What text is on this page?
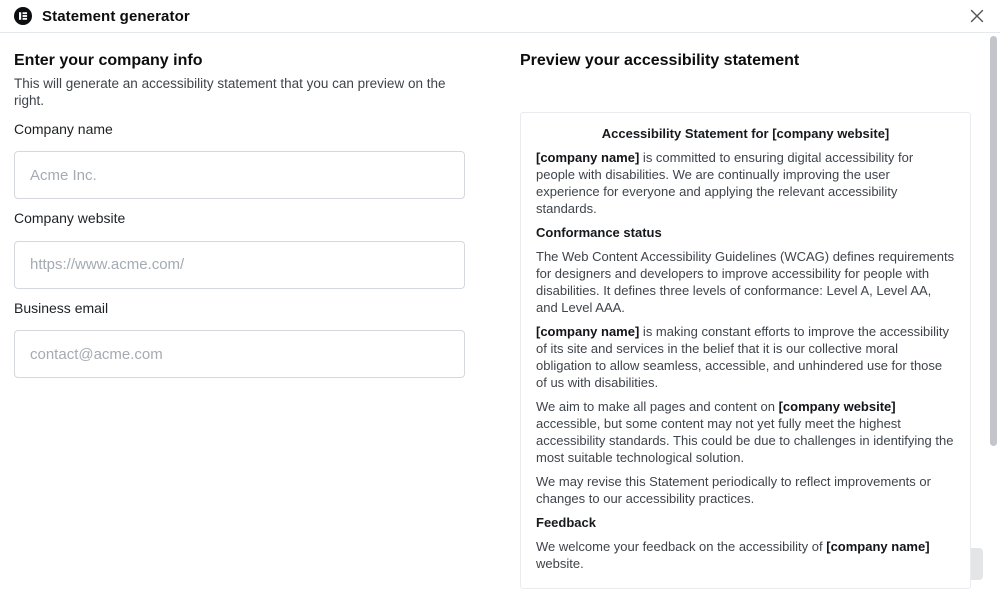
Statement generator
Enter your company info
This will generate an accessibility statement that you can preview on the right.
Company name
Acme Inc.
Company website
https://www.acme.com/
Business email
contact@acme.com
Preview your accessibility statement
Accessibility Statement for [company website]

[company name] is committed to ensuring digital accessibility for people with disabilities. We are continually improving the user experience for everyone and applying the relevant accessibility standards.

Conformance status

The Web Content Accessibility Guidelines (WCAG) defines requirements for designers and developers to improve accessibility for people with disabilities. It defines three levels of conformance: Level A, Level AA, and Level AAA.

[company name] is making constant efforts to improve the accessibility of its site and services in the belief that it is our collective moral obligation to allow seamless, accessible, and unhindered use for those of us with disabilities.

We aim to make all pages and content on [company website] accessible, but some content may not yet fully meet the highest accessibility standards. This could be due to challenges in identifying the most suitable technological solution.

We may revise this Statement periodically to reflect improvements or changes to our accessibility practices.

Feedback

We welcome your feedback on the accessibility of [company name] website.
